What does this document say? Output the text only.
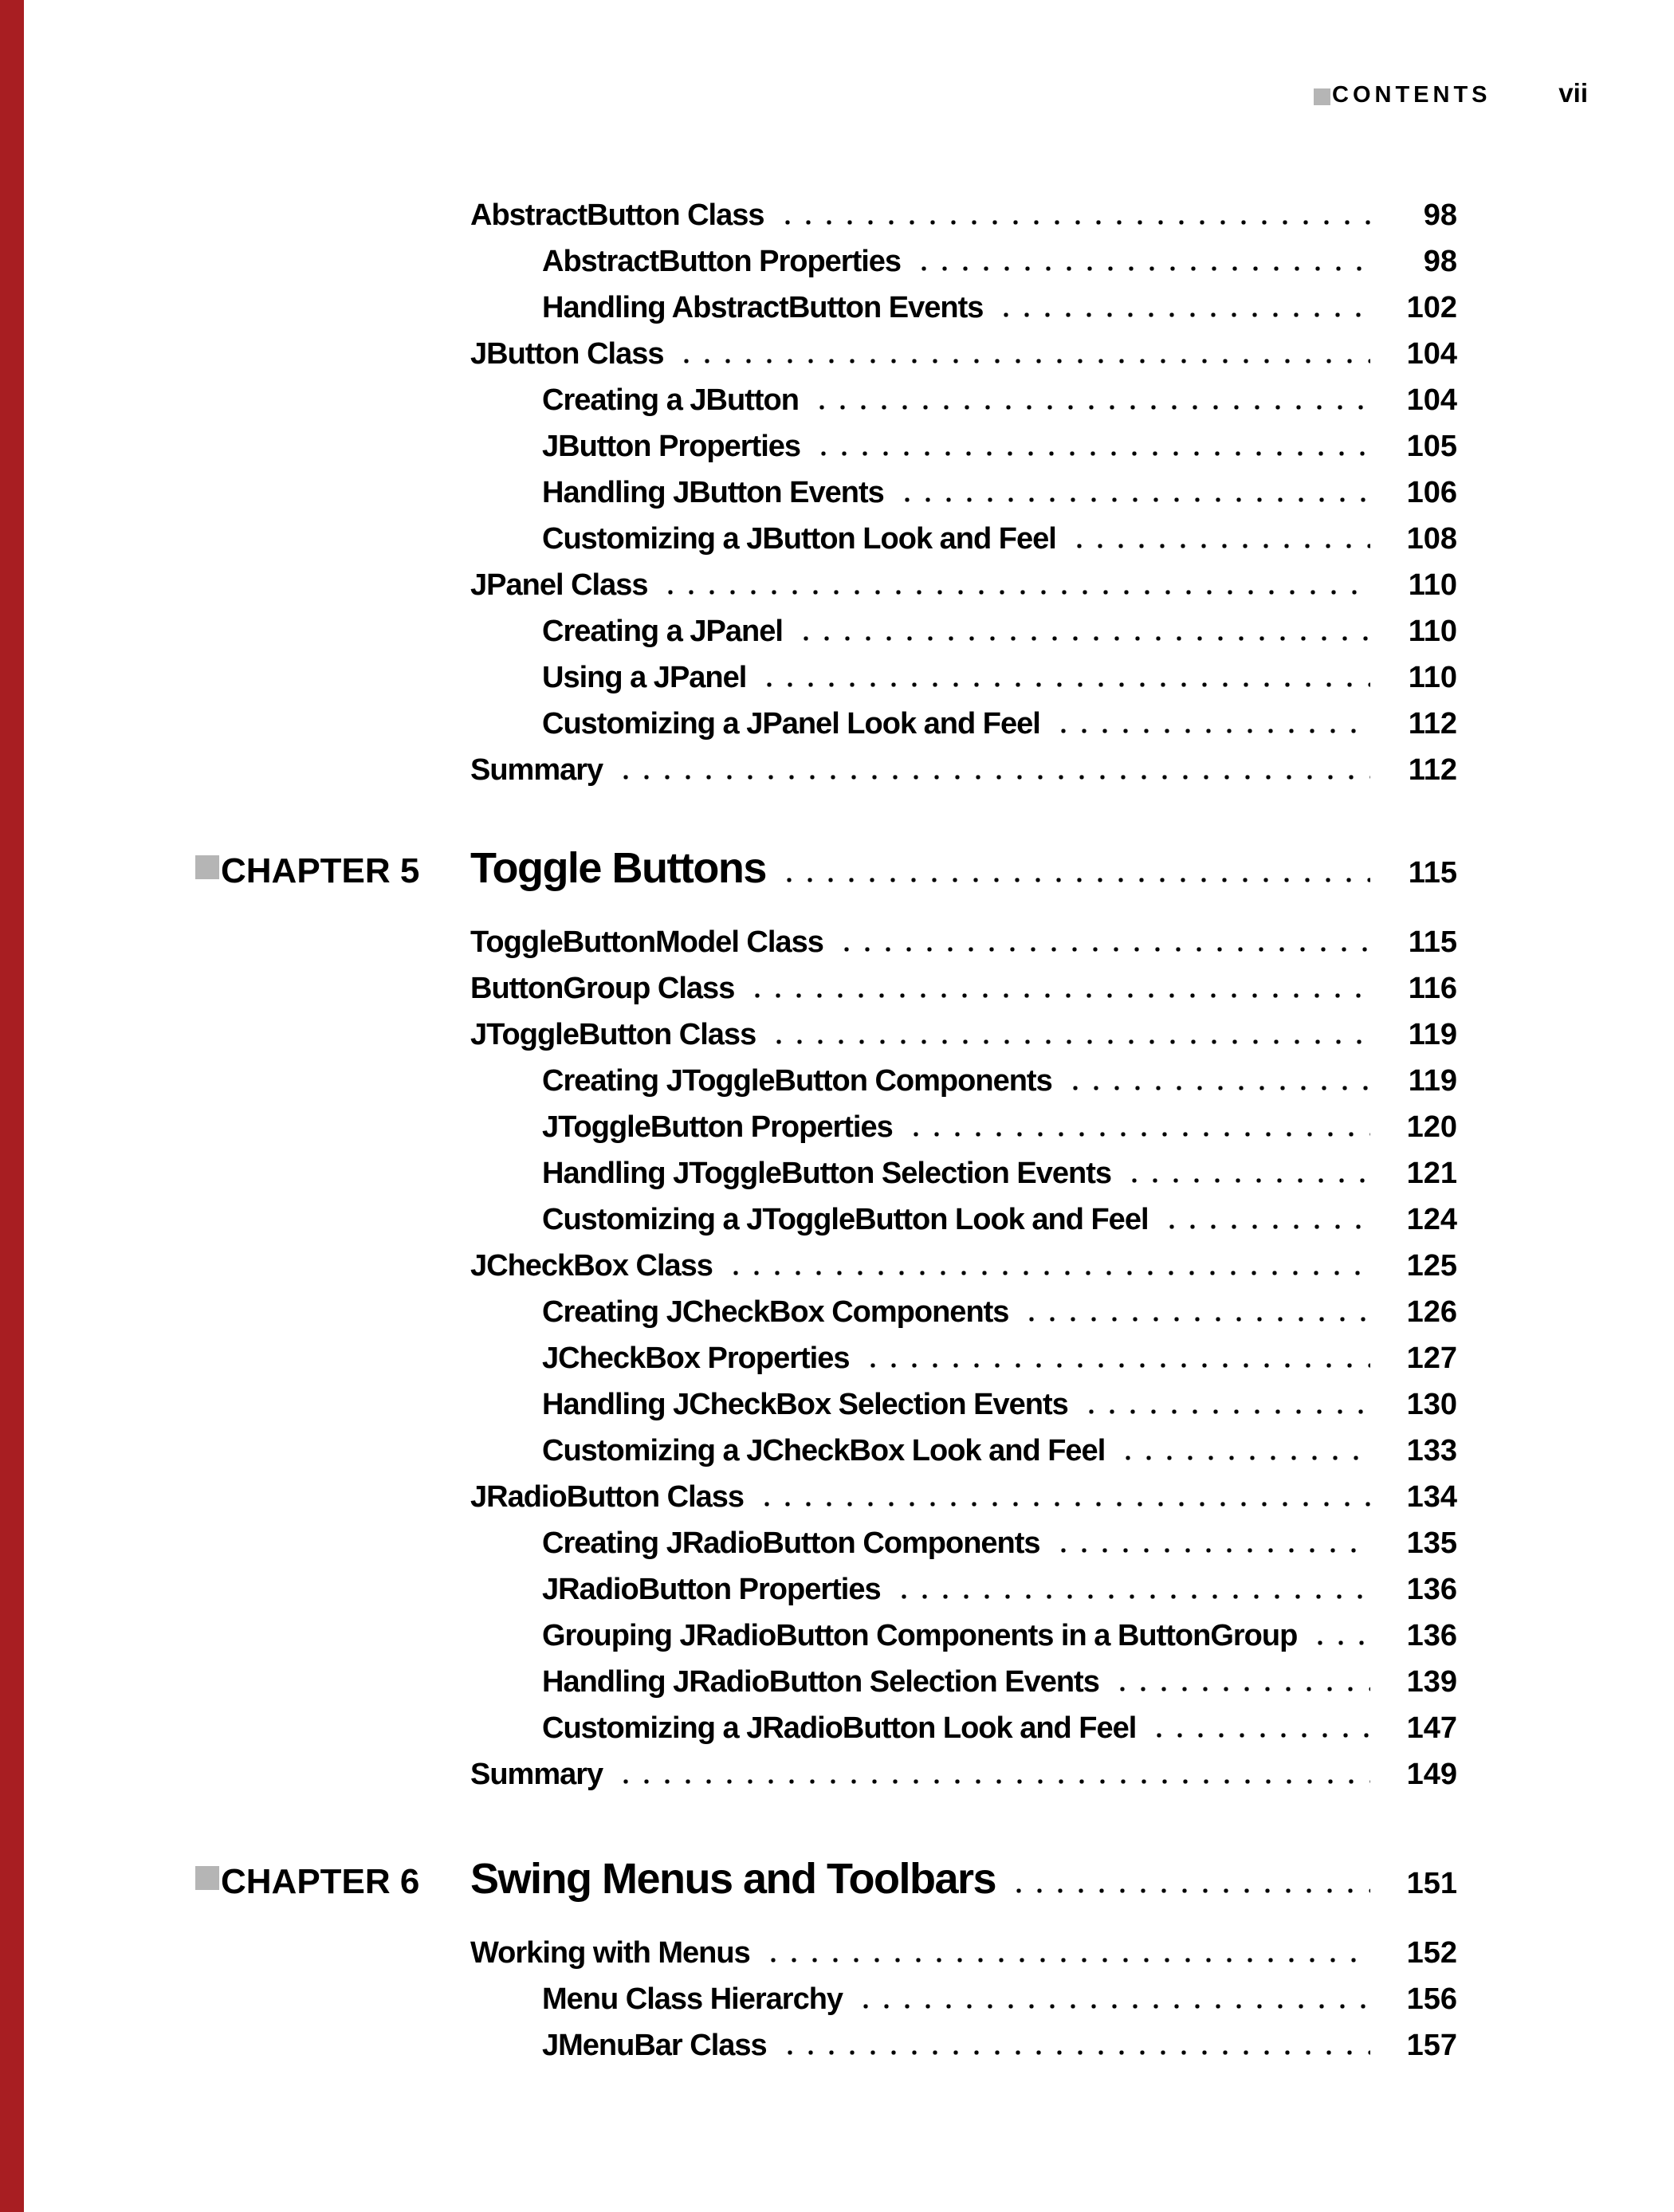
CONTENTS	vii
AbstractButton Class	98
AbstractButton Properties	98
Handling AbstractButton Events	102
JButton Class	104
Creating a JButton	104
JButton Properties	105
Handling JButton Events	106
Customizing a JButton Look and Feel	108
JPanel Class	110
Creating a JPanel	110
Using a JPanel	110
Customizing a JPanel Look and Feel	112
Summary	112
CHAPTER 5	Toggle Buttons	115
ToggleButtonModel Class	115
ButtonGroup Class	116
JToggleButton Class	119
Creating JToggleButton Components	119
JToggleButton Properties	120
Handling JToggleButton Selection Events	121
Customizing a JToggleButton Look and Feel	124
JCheckBox Class	125
Creating JCheckBox Components	126
JCheckBox Properties	127
Handling JCheckBox Selection Events	130
Customizing a JCheckBox Look and Feel	133
JRadioButton Class	134
Creating JRadioButton Components	135
JRadioButton Properties	136
Grouping JRadioButton Components in a ButtonGroup	136
Handling JRadioButton Selection Events	139
Customizing a JRadioButton Look and Feel	147
Summary	149
CHAPTER 6	Swing Menus and Toolbars	151
Working with Menus	152
Menu Class Hierarchy	156
JMenuBar Class	157
